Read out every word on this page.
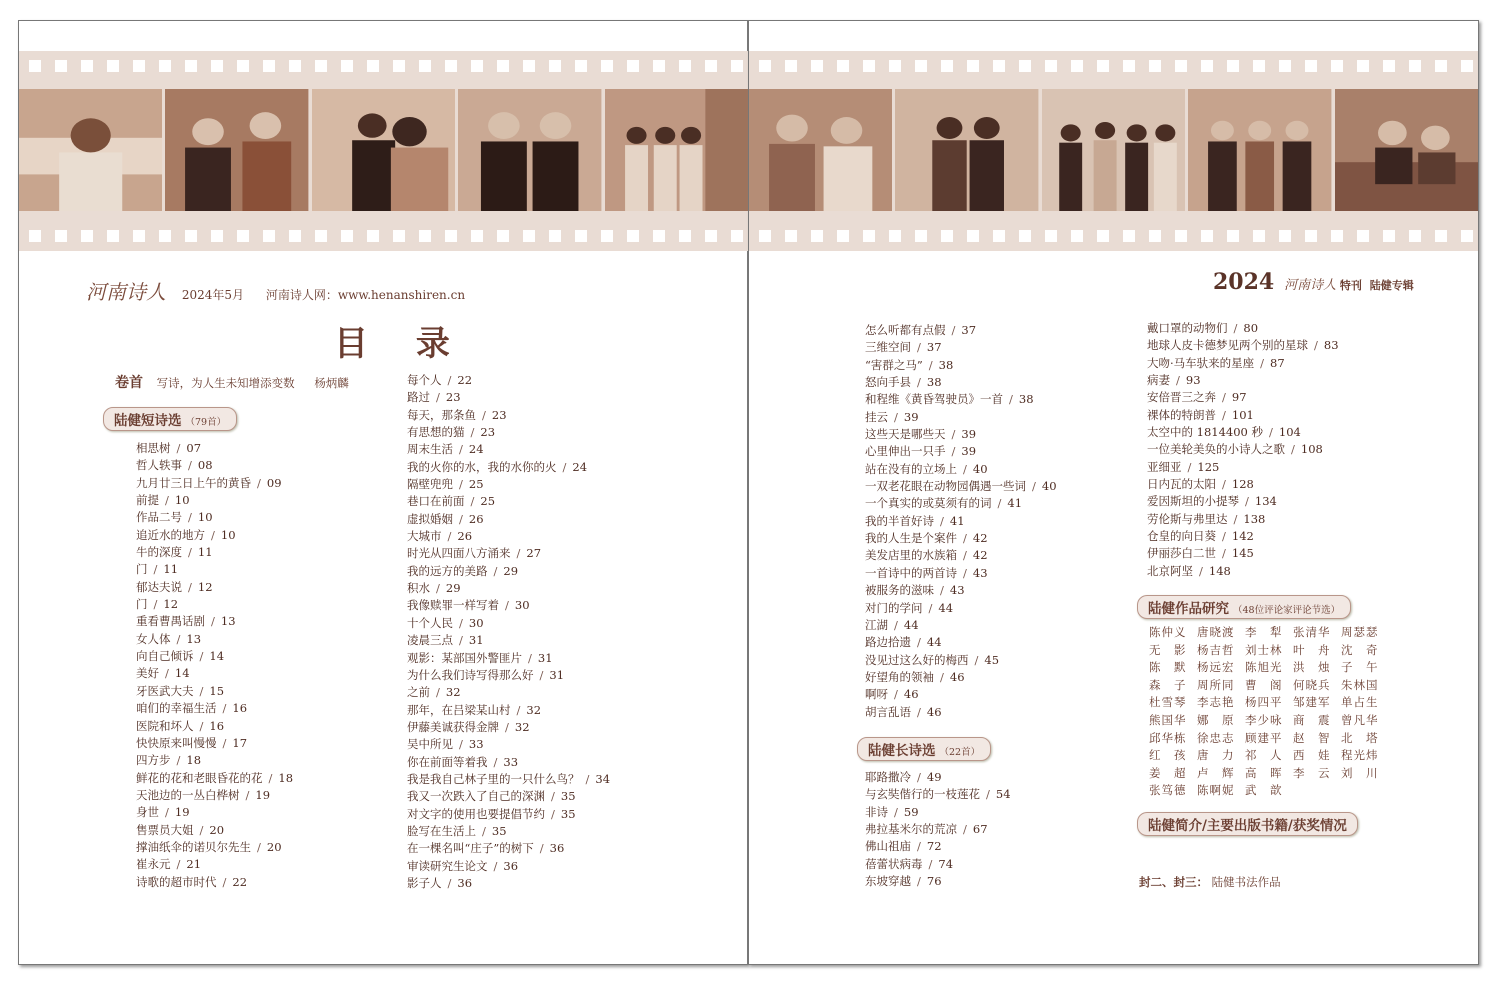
河南诗人 2024年5月 河南诗人网：www.henanshiren.cn
目 录
卷首 写诗，为人生未知增添变数 杨炳麟
陆健短诗选 （79首）
相思树 / 07
哲人轶事 / 08
九月廿三日上午的黄昏 / 09
前提 / 10
作品二号 / 10
追近水的地方 / 10
牛的深度 / 11
门 / 11
郁达夫说 / 12
门 / 12
重看曹禺话剧 / 13
女人体 / 13
向自己倾诉 / 14
美好 / 14
牙医武大夫 / 15
咱们的幸福生活 / 16
医院和坏人 / 16
快快原来叫慢慢 / 17
四方步 / 18
鲜花的花和老眼昏花的花 / 18
天池边的一丛白桦树 / 19
身世 / 19
售票员大姐 / 20
撑油纸伞的诺贝尔先生 / 20
崔永元 / 21
诗歌的超市时代 / 22
每个人 / 22
路过 / 23
每天，那条鱼 / 23
有思想的猫 / 23
周末生活 / 24
我的火你的水，我的水你的火 / 24
隔壁兜兜 / 25
巷口在前面 / 25
虚拟婚姻 / 26
大城市 / 26
时光从四面八方涌来 / 27
我的远方的美路 / 29
积水 / 29
我像赎罪一样写着 / 30
十个人民 / 30
凌晨三点 / 31
观影：某部国外警匪片 / 31
为什么我们诗写得那么好 / 31
之前 / 32
那年，在吕梁某山村 / 32
伊藤美诚获得金牌 / 32
吴中所见 / 33
你在前面等着我 / 33
我是我自己林子里的一只什么鸟？ / 34
我又一次跌入了自己的深渊 / 35
对文字的使用也要提倡节约 / 35
脸写在生活上 / 35
在一棵名叫“庄子”的树下 / 36
审读研究生论文 / 36
影子人 / 36
2024 河南诗人 特刊 陆健专辑
怎么听都有点假 / 37
三维空间 / 37
“害群之马” / 38
怒向手县 / 38
和程维《黄昏驾驶员》一首 / 38
挂云 / 39
这些天是哪些天 / 39
心里伸出一只手 / 39
站在没有的立场上 / 40
一双老花眼在动物园偶遇一些词 / 40
一个真实的或莫须有的词 / 41
我的半首好诗 / 41
我的人生是个案件 / 42
美发店里的水族箱 / 42
一首诗中的两首诗 / 43
被服务的滋味 / 43
对门的学问 / 44
江湖 / 44
路边拾遗 / 44
没见过这么好的梅西 / 45
好望角的领袖 / 46
啊呀 / 46
胡言乱语 / 46
陆健长诗选 （22首）
耶路撒冷 / 49
与玄奘偕行的一枝莲花 / 54
非诗 / 59
弗拉基米尔的荒凉 / 67
佛山祖庙 / 72
蓓蕾状病毒 / 74
东坡穿越 / 76
戴口罩的动物们 / 80
地球人皮卡德梦见两个别的星球 / 83
大吻·马车驮来的星座 / 87
病妻 / 93
安倍晋三之奔 / 97
裸体的特朗普 / 101
太空中的 1814400 秒 / 104
一位美轮美奂的小诗人之歌 / 108
亚细亚 / 125
日内瓦的太阳 / 128
爱因斯坦的小提琴 / 134
劳伦斯与弗里达 / 138
仓皇的向日葵 / 142
伊丽莎白二世 / 145
北京阿坚 / 148
陆健作品研究 （48位评论家评论节选）
陈仲义 唐晓渡 李　犁 张清华 周瑟瑟
无　影 杨吉哲 刘士林 叶　舟 沈　奇
陈　默 杨远宏 陈旭光 洪　烛 子　午
森　子 周所同 曹　阁 何晓兵 朱林国
杜雪琴 李志艳 杨四平 邹建军 单占生
熊国华 娜　原 李少咏 商　震 曾凡华
邱华栋 徐忠志 顾建平 赵　智 北　塔
红　孩 唐　力 祁　人 西　娃 程光炜
姜　超 卢　辉 高　晖 李　云 刘　川
张笃德 陈啊妮 武　歆
陆健简介/主要出版书籍/获奖情况
封二、封三： 陆健书法作品
